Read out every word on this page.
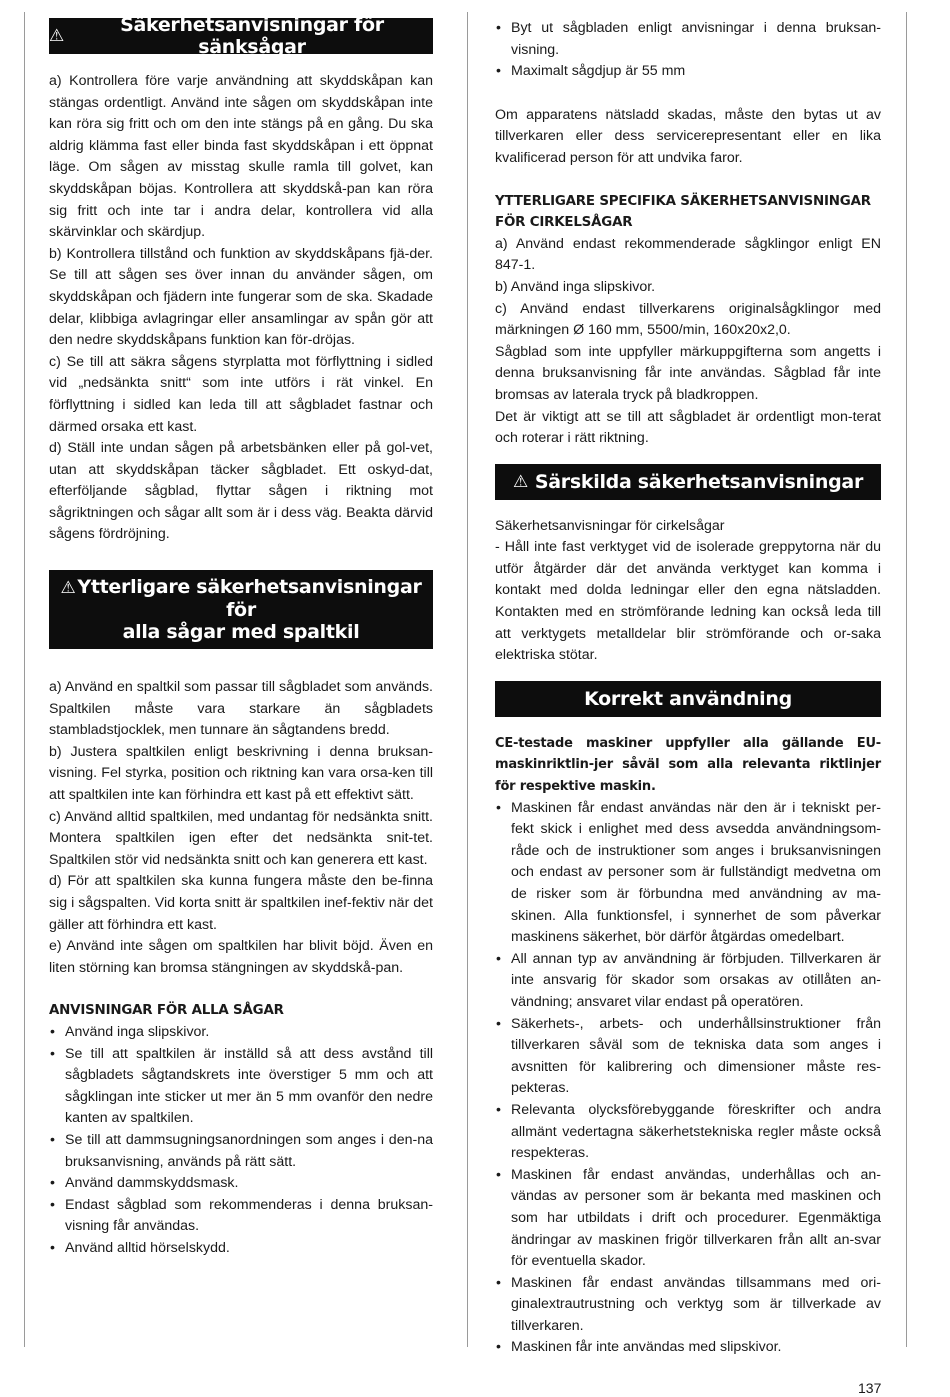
⚠	Säkerhetsanvisningar för sänksågar

a) Kontrollera före varje användning att skyddskåpan kan stängas ordentligt. Använd inte sågen om skyddskåpan inte kan röra sig fritt och om den inte stängs på en gång. Du ska aldrig klämma fast eller binda fast skyddskåpan i ett öppnat läge. Om sågen av misstag skulle ramla till golvet, kan skyddskåpan böjas. Kontrollera att skyddskå-pan kan röra sig fritt och inte tar i andra delar, kontrollera vid alla skärvinklar och skärdjup.

b) Kontrollera tillstånd och funktion av skyddskåpans fjä-der. Se till att sågen ses över innan du använder sågen, om skyddskåpan och fjädern inte fungerar som de ska. Skadade delar, klibbiga avlagringar eller ansamlingar av spån gör att den nedre skyddskåpans funktion kan för-dröjas.

c) Se till att säkra sågens styrplatta mot förflyttning i sidled vid „nedsänkta snitt“ som inte utförs i rät vinkel. En förflyttning i sidled kan leda till att sågbladet fastnar och därmed orsaka ett kast.

d) Ställ inte undan sågen på arbetsbänken eller på gol-vet, utan att skyddskåpan täcker sågbladet. Ett oskyd-dat, efterföljande sågblad, flyttar sågen i riktning mot sågriktningen och sågar allt som är i dess väg. Beakta därvid sågens fördröjning.

⚠ Ytterligare säkerhetsanvisningar för
alla sågar med spaltkil

a) Använd en spaltkil som passar till sågbladet som används. Spaltkilen måste vara starkare än sågbladets stambladstjocklek, men tunnare än sågtandens bredd.

b) Justera spaltkilen enligt beskrivning i denna bruksan-visning. Fel styrka, position och riktning kan vara orsa-ken till att spaltkilen inte kan förhindra ett kast på ett effektivt sätt.

c) Använd alltid spaltkilen, med undantag för nedsänkta snitt. Montera spaltkilen igen efter det nedsänkta snit-tet. Spaltkilen stör vid nedsänkta snitt och kan generera ett kast.

d) För att spaltkilen ska kunna fungera måste den be-finna sig i sågspalten. Vid korta snitt är spaltkilen inef-fektiv när det gäller att förhindra ett kast.

e) Använd inte sågen om spaltkilen har blivit böjd. Även en liten störning kan bromsa stängningen av skyddskå-pan.

ANVISNINGAR FÖR ALLA SÅGAR
• Använd inga slipskivor.
• Se till att spaltkilen är inställd så att dess avstånd till sågbladets sågtandskrets inte överstiger 5 mm och att sågklingan inte sticker ut mer än 5 mm ovanför den nedre kanten av spaltkilen.
• Se till att dammsugningsanordningen som anges i den-na bruksanvisning, används på rätt sätt.
• Använd dammskyddsmask.
• Endast sågblad som rekommenderas i denna bruksan-visning får användas.
• Använd alltid hörselskydd.
• Byt ut sågbladen enligt anvisningar i denna bruksan-visning.
• Maximalt sågdjup är 55 mm

Om apparatens nätsladd skadas, måste den bytas ut av tillverkaren eller dess servicerepresentant eller en lika kvalificerad person för att undvika faror.

YTTERLIGARE SPECIFIKA SÄKERHETSANVISNINGAR
FÖR CIRKELSÅGAR

a) Använd endast rekommenderade sågklingor enligt EN 847-1.

b) Använd inga slipskivor.

c) Använd endast tillverkarens originalsågklingor med märkningen Ø 160 mm, 5500/min, 160x20x2,0.

Sågblad som inte uppfyller märkuppgifterna som angetts i denna bruksanvisning får inte användas. Sågblad får inte bromsas av laterala tryck på bladkroppen.

Det är viktigt att se till att sågbladet är ordentligt mon-terat och roterar i rätt riktning.

⚠ Särskilda säkerhetsanvisningar

Säkerhetsanvisningar för cirkelsågar

- Håll inte fast verktyget vid de isolerade greppytorna när du utför åtgärder där det använda verktyget kan komma i kontakt med dolda ledningar eller den egna nätsladden. Kontakten med en strömförande ledning kan också leda till att verktygets metalldelar blir strömförande och or-saka elektriska stötar.

Korrekt användning

CE-testade maskiner uppfyller alla gällande EU-maskinriktlin-jer såväl som alla relevanta riktlinjer för respektive maskin.

• Maskinen får endast användas när den är i tekniskt per-fekt skick i enlighet med dess avsedda användningsom-råde och de instruktioner som anges i bruksanvisningen och endast av personer som är fullständigt medvetna om de risker som är förbundna med användning av ma-skinen. Alla funktionsfel, i synnerhet de som påverkar maskinens säkerhet, bör därför åtgärdas omedelbart.
• All annan typ av användning är förbjuden. Tillverkaren är inte ansvarig för skador som orsakas av otillåten an-vändning; ansvaret vilar endast på operatören.
• Säkerhets-, arbets- och underhållsinstruktioner från tillverkaren såväl som de tekniska data som anges i avsnitten för kalibrering och dimensioner måste res-pekteras.
• Relevanta olycksförebyggande föreskrifter och andra allmänt vedertagna säkerhetstekniska regler måste också respekteras.
• Maskinen får endast användas, underhållas och an-vändas av personer som är bekanta med maskinen och som har utbildats i drift och procedurer. Egenmäktiga ändringar av maskinen frigör tillverkaren från allt an-svar för eventuella skador.
• Maskinen får endast användas tillsammans med ori-ginalextrautrustning och verktyg som är tillverkade av tillverkaren.
• Maskinen får inte användas med slipskivor.
137
